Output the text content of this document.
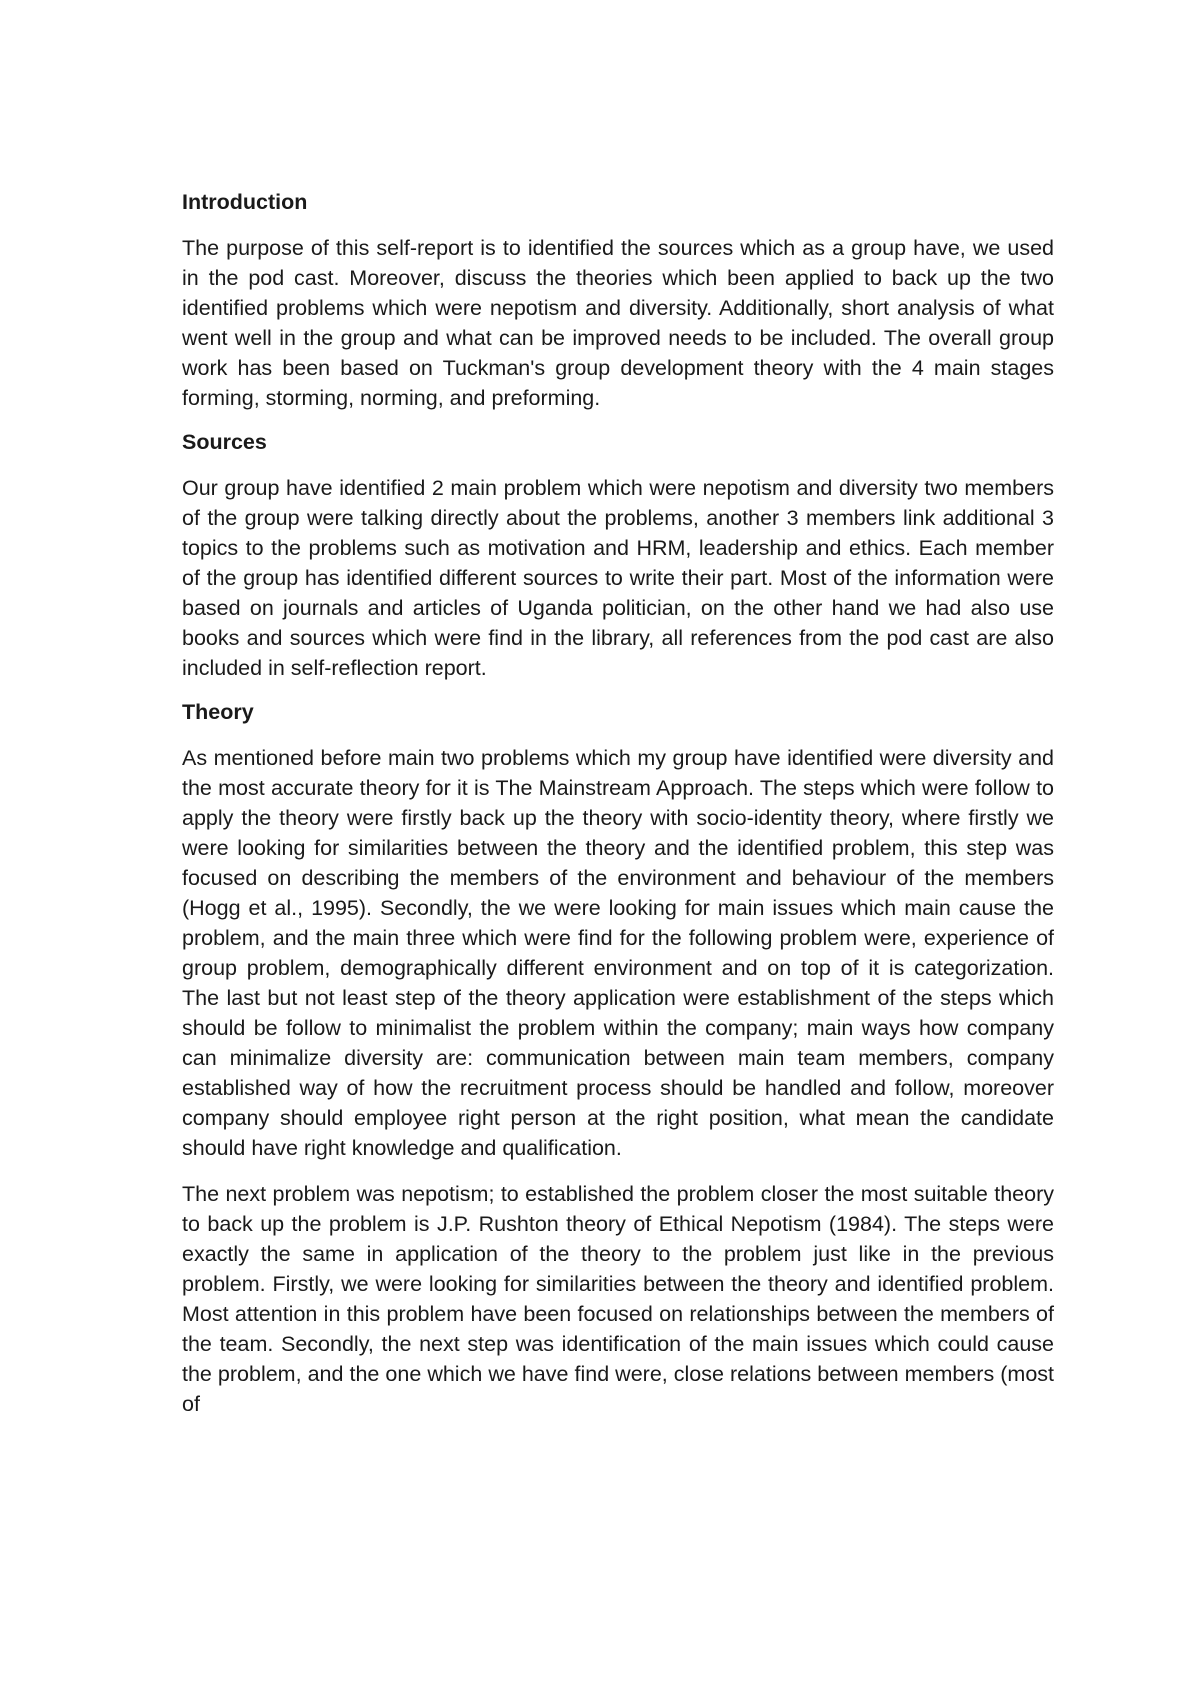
Introduction
The purpose of this self-report is to identified the sources which as a group have, we used in the pod cast. Moreover, discuss the theories which been applied to back up the two identified problems which were nepotism and diversity. Additionally, short analysis of what went well in the group and what can be improved needs to be included. The overall group work has been based on Tuckman's group development theory with the 4 main stages forming, storming, norming, and preforming.
Sources
Our group have identified 2 main problem which were nepotism and diversity two members of the group were talking directly about the problems, another 3 members link additional 3 topics to the problems such as motivation and HRM, leadership and ethics. Each member of the group has identified different sources to write their part. Most of the information were based on journals and articles of Uganda politician, on the other hand we had also use books and sources which were find in the library, all references from the pod cast are also included in self-reflection report.
Theory
As mentioned before main two problems which my group have identified were diversity and the most accurate theory for it is The Mainstream Approach. The steps which were follow to apply the theory were firstly back up the theory with socio-identity theory, where firstly we were looking for similarities between the theory and the identified problem, this step was focused on describing the members of the environment and behaviour of the members (Hogg et al., 1995). Secondly, the we were looking for main issues which main cause the problem, and the main three which were find for the following problem were, experience of group problem, demographically different environment and on top of it is categorization. The last but not least step of the theory application were establishment of the steps which should be follow to minimalist the problem within the company; main ways how company can minimalize diversity are: communication between main team members, company established way of how the recruitment process should be handled and follow, moreover company should employee right person at the right position, what mean the candidate should have right knowledge and qualification.
The next problem was nepotism; to established the problem closer the most suitable theory to back up the problem is J.P. Rushton theory of Ethical Nepotism (1984). The steps were exactly the same in application of the theory to the problem just like in the previous problem. Firstly, we were looking for similarities between the theory and identified problem. Most attention in this problem have been focused on relationships between the members of the team. Secondly, the next step was identification of the main issues which could cause the problem, and the one which we have find were, close relations between members (most of
